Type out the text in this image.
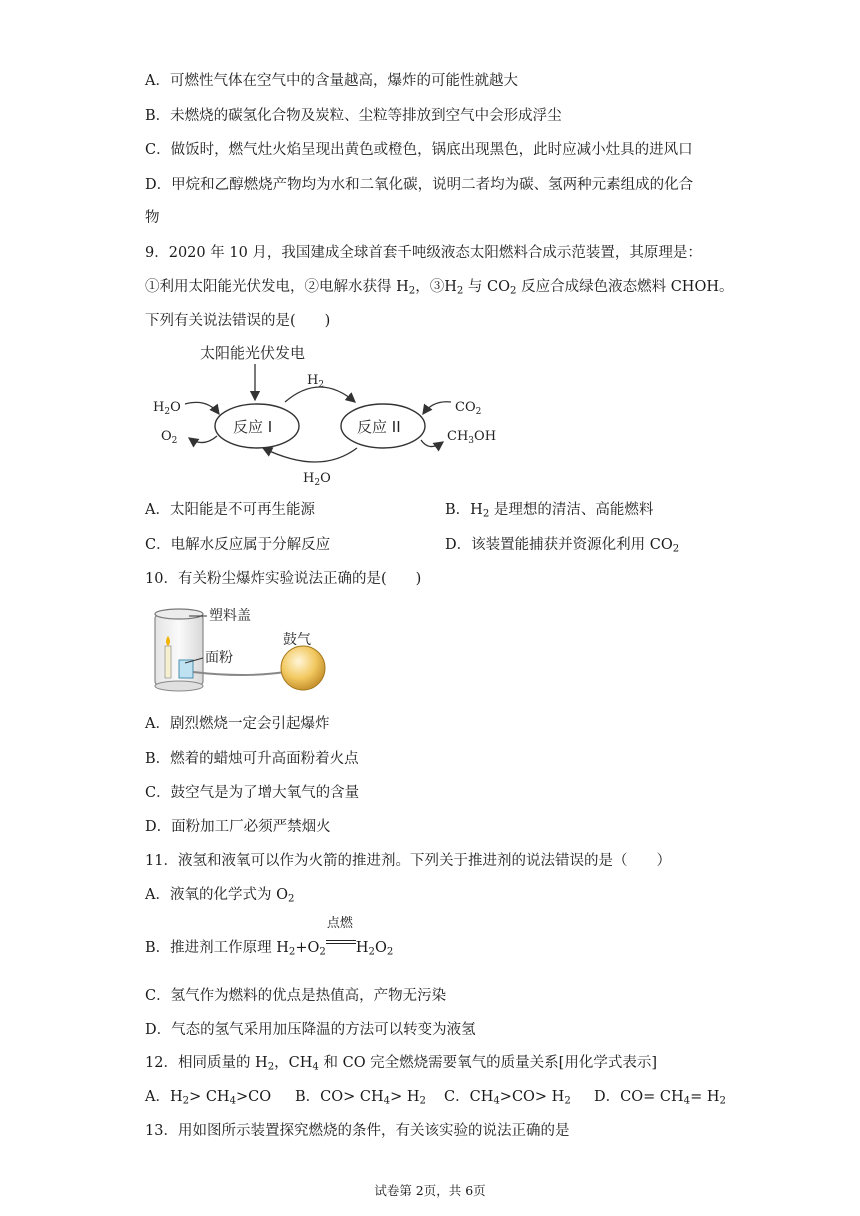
A．可燃性气体在空气中的含量越高，爆炸的可能性就越大
B．未燃烧的碳氢化合物及炭粒、尘粒等排放到空气中会形成浮尘
C．做饭时，燃气灶火焰呈现出黄色或橙色，锅底出现黑色，此时应减小灶具的进风口
D．甲烷和乙醇燃烧产物均为水和二氧化碳，说明二者均为碳、氢两种元素组成的化合
物
9．2020 年 10 月，我国建成全球首套千吨级液态太阳燃料合成示范装置，其原理是：
①利用太阳能光伏发电，②电解水获得 $H_2$，$③H_2$ 与 $CO_2$ 反应合成绿色液态燃料 CHOH。
下列有关说法错误的是(　　)
太阳能光伏发电
反应 I	反应 II
$H_2$
$H_2O$
$H_2O$
$O_2$
$CO_2$
$CH_3OH$
A．太阳能是不可再生能源	B．$H_2$ 是理想的清洁、高能燃料
C．电解水反应属于分解反应	D．该装置能捕获并资源化利用 $CO_2$
10．有关粉尘爆炸实验说法正确的是(　　)
塑料盖
面粉
鼓气
A．剧烈燃烧一定会引起爆炸
B．燃着的蜡烛可升高面粉着火点
C．鼓空气是为了增大氧气的含量
D．面粉加工厂必须严禁烟火
11．液氢和液氧可以作为火箭的推进剂。下列关于推进剂的说法错误的是（　　）
A．液氧的化学式为 $O_2$
B．推进剂工作原理 $H_2+O_2$
点燃
$H_2O_2$
C．氢气作为燃料的优点是热值高，产物无污染
D．气态的氢气采用加压降温的方法可以转变为液氢
12．相同质量的 $H_2$，$CH_4$ 和 CO 完全燃烧需要氧气的质量关系[用化学式表示]
A．$H_2> CH_4>CO$ B．$CO> CH_4> H_2$ C．$CH_4>CO> H_2$ D．$CO= CH_4= H_2$
13．用如图所示装置探究燃烧的条件，有关该实验的说法正确的是
试卷第 2页，共 6页
